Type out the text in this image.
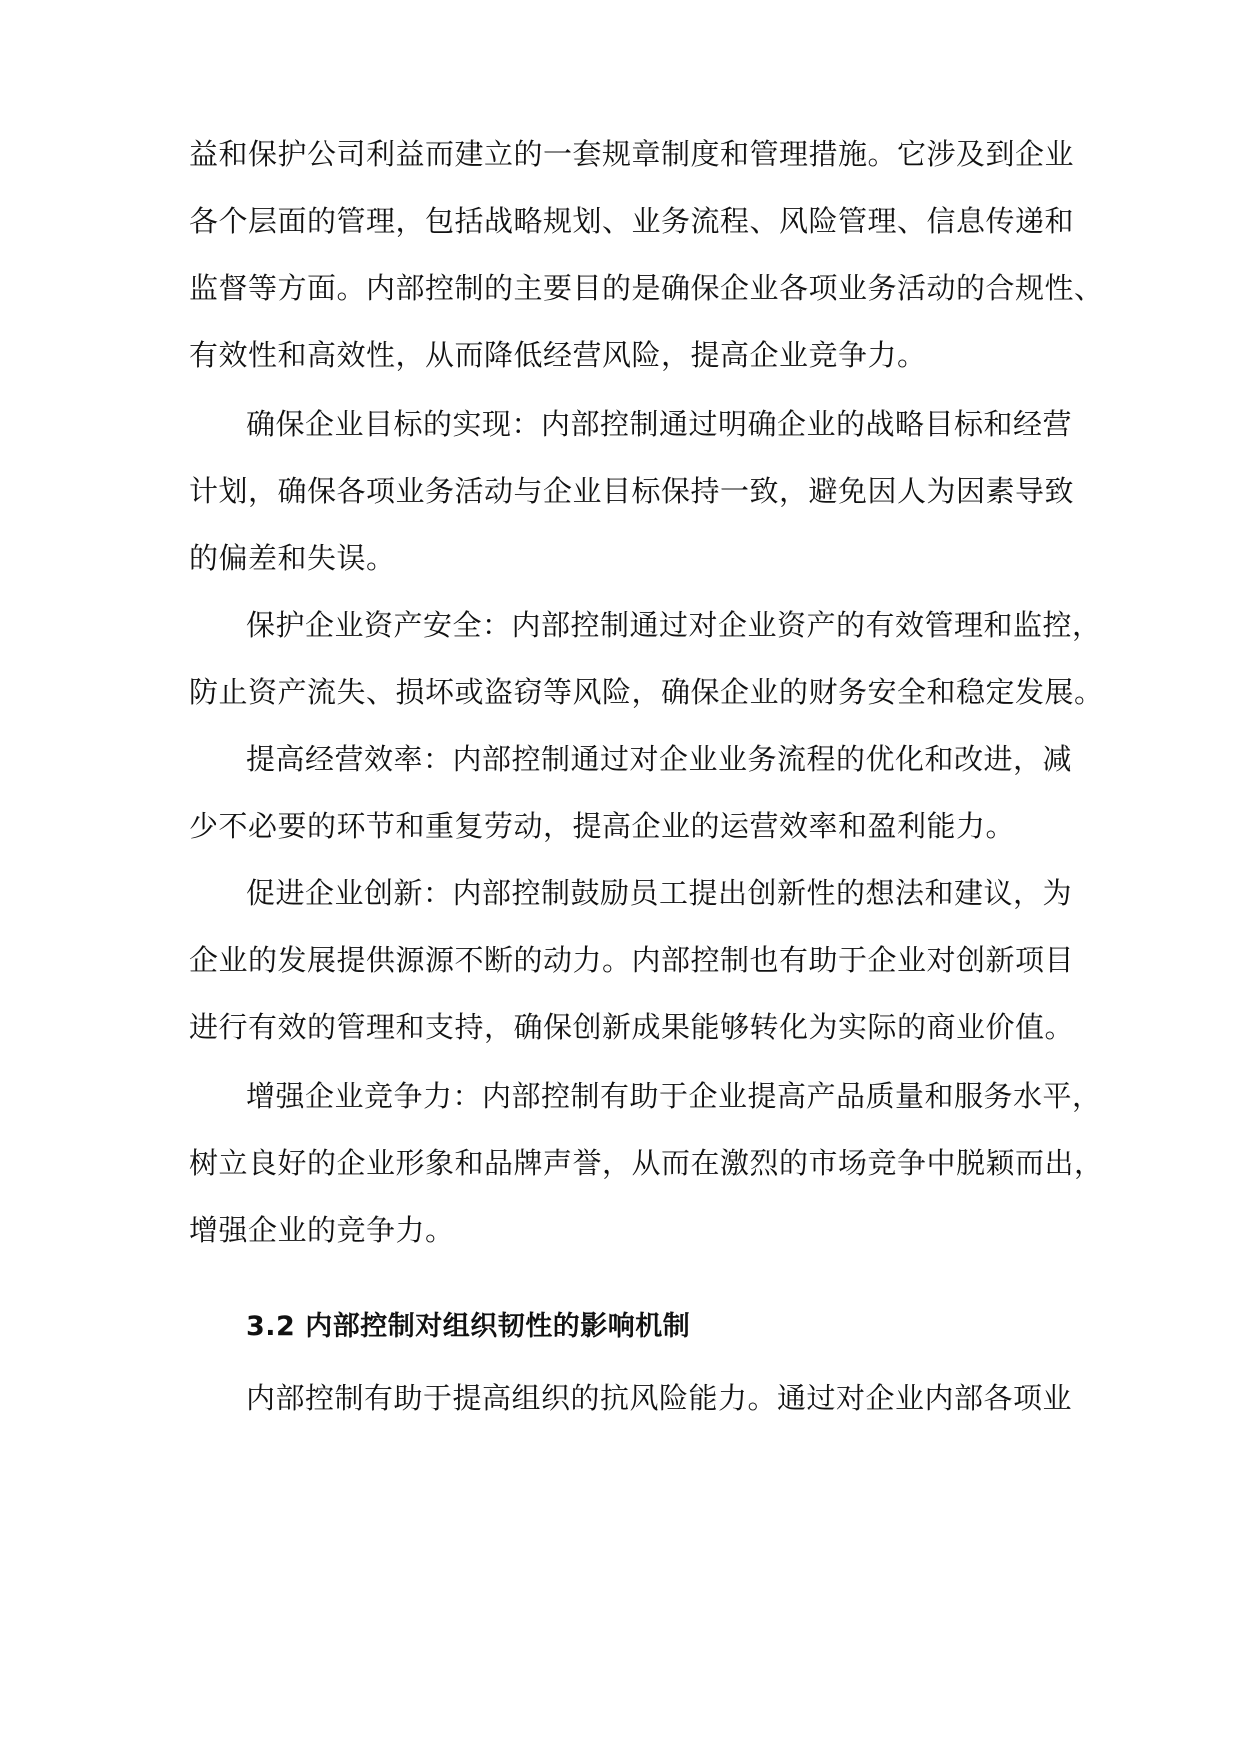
益和保护公司利益而建立的一套规章制度和管理措施。它涉及到企业
各个层面的管理，包括战略规划、业务流程、风险管理、信息传递和
监督等方面。内部控制的主要目的是确保企业各项业务活动的合规性、
有效性和高效性，从而降低经营风险，提高企业竞争力。
确保企业目标的实现：内部控制通过明确企业的战略目标和经营
计划，确保各项业务活动与企业目标保持一致，避免因人为因素导致
的偏差和失误。
保护企业资产安全：内部控制通过对企业资产的有效管理和监控，
防止资产流失、损坏或盗窃等风险，确保企业的财务安全和稳定发展。
提高经营效率：内部控制通过对企业业务流程的优化和改进，减
少不必要的环节和重复劳动，提高企业的运营效率和盈利能力。
促进企业创新：内部控制鼓励员工提出创新性的想法和建议，为
企业的发展提供源源不断的动力。内部控制也有助于企业对创新项目
进行有效的管理和支持，确保创新成果能够转化为实际的商业价值。
增强企业竞争力：内部控制有助于企业提高产品质量和服务水平，
树立良好的企业形象和品牌声誉，从而在激烈的市场竞争中脱颖而出，
增强企业的竞争力。
3.2 内部控制对组织韧性的影响机制
内部控制有助于提高组织的抗风险能力。通过对企业内部各项业
